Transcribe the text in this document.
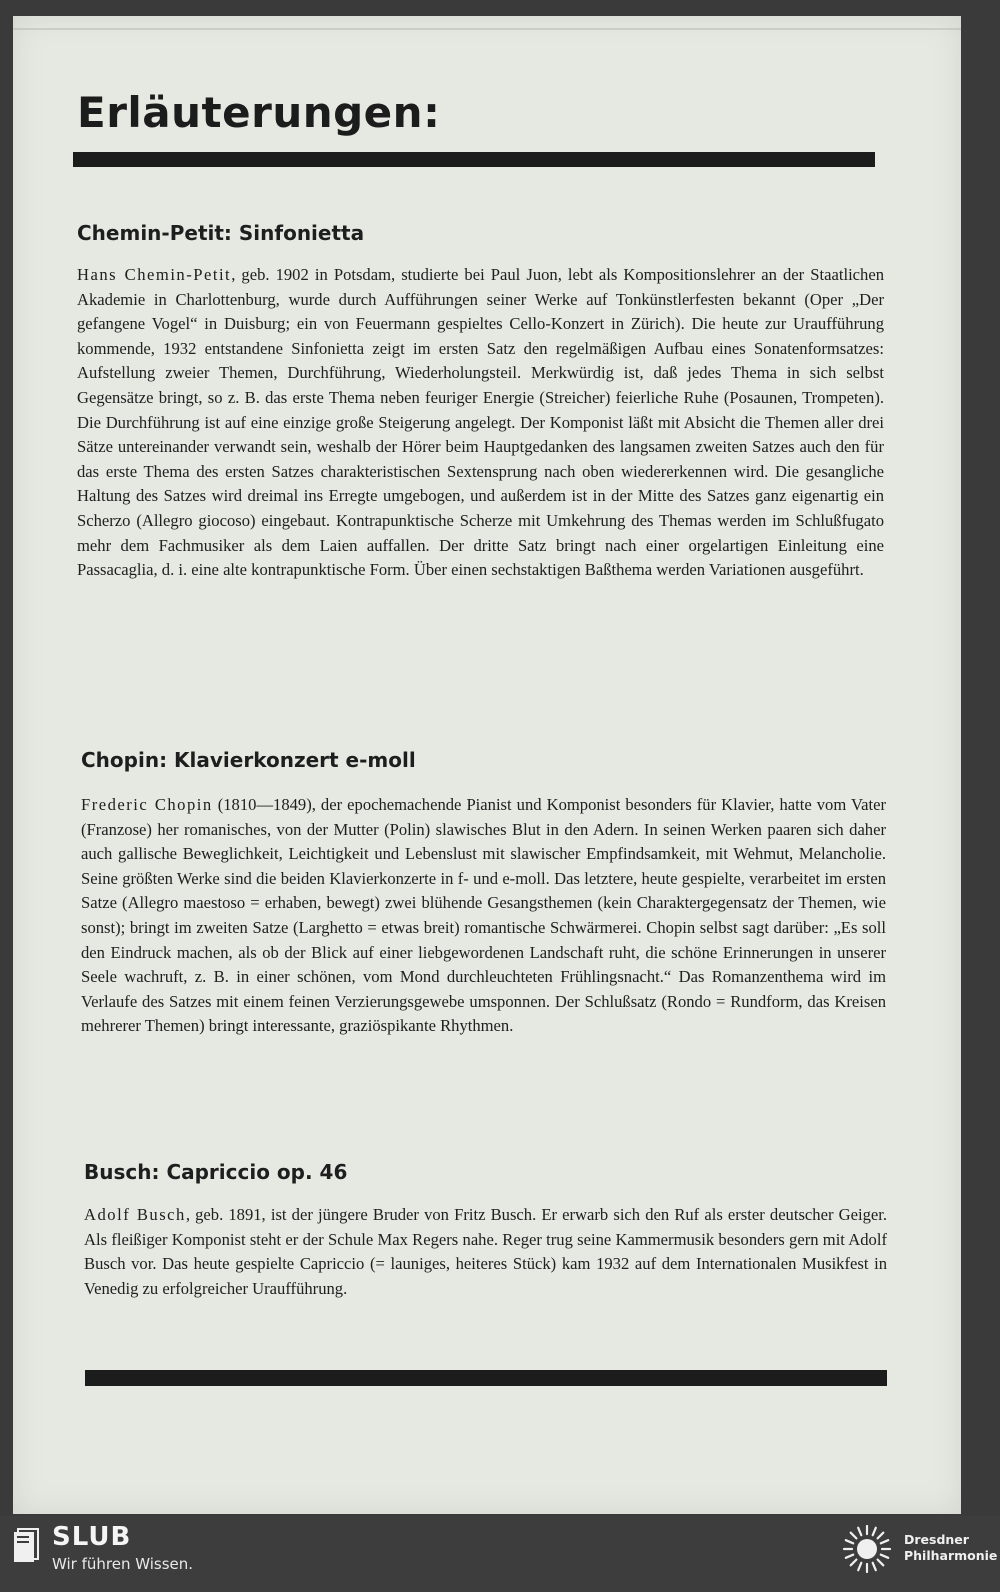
Erläuterungen:
Chemin-Petit: Sinfonietta

Hans Chemin-Petit, geb. 1902 in Potsdam, studierte bei Paul Juon, lebt als Kompositionslehrer an der Staatlichen Akademie in Charlottenburg, wurde durch Aufführungen seiner Werke auf Tonkünstlerfesten bekannt (Oper „Der gefangene Vogel“ in Duisburg; ein von Feuermann gespieltes Cello-Konzert in Zürich). Die heute zur Uraufführung kommende, 1932 entstandene Sinfonietta zeigt im ersten Satz den regelmäßigen Aufbau eines Sonatenformsatzes: Aufstellung zweier Themen, Durchführung, Wiederholungsteil. Merkwürdig ist, daß jedes Thema in sich selbst Gegensätze bringt, so z. B. das erste Thema neben feuriger Energie (Streicher) feierliche Ruhe (Posaunen, Trompeten). Die Durchführung ist auf eine einzige große Steigerung angelegt. Der Komponist läßt mit Absicht die Themen aller drei Sätze untereinander verwandt sein, weshalb der Hörer beim Hauptgedanken des langsamen zweiten Satzes auch den für das erste Thema des ersten Satzes charakteristischen Sextensprung nach oben wiedererkennen wird. Die gesangliche Haltung des Satzes wird dreimal ins Erregte umgebogen, und außerdem ist in der Mitte des Satzes ganz eigenartig ein Scherzo (Allegro giocoso) eingebaut. Kontrapunktische Scherze mit Umkehrung des Themas werden im Schlußfugato mehr dem Fachmusiker als dem Laien auffallen. Der dritte Satz bringt nach einer orgelartigen Einleitung eine Passacaglia, d. i. eine alte kontrapunktische Form. Über einen sechstaktigen Baßthema werden Variationen ausgeführt.

Chopin: Klavierkonzert e-moll

Frederic Chopin (1810—1849), der epochemachende Pianist und Komponist besonders für Klavier, hatte vom Vater (Franzose) her romanisches, von der Mutter (Polin) slawisches Blut in den Adern. In seinen Werken paaren sich daher auch gallische Beweglichkeit, Leichtigkeit und Lebenslust mit slawischer Empfindsamkeit, mit Wehmut, Melancholie. Seine größten Werke sind die beiden Klavierkonzerte in f- und e-moll. Das letztere, heute gespielte, verarbeitet im ersten Satze (Allegro maestoso = erhaben, bewegt) zwei blühende Gesangsthemen (kein Charaktergegensatz der Themen, wie sonst); bringt im zweiten Satze (Larghetto = etwas breit) romantische Schwärmerei. Chopin selbst sagt darüber: „Es soll den Eindruck machen, als ob der Blick auf einer liebgewordenen Landschaft ruht, die schöne Erinnerungen in unserer Seele wachruft, z. B. in einer schönen, vom Mond durchleuchteten Frühlingsnacht.“ Das Romanzenthema wird im Verlaufe des Satzes mit einem feinen Verzierungsgewebe umsponnen. Der Schlußsatz (Rondo = Rundform, das Kreisen mehrerer Themen) bringt interessante, graziöspikante Rhythmen.

Busch: Capriccio op. 46

Adolf Busch, geb. 1891, ist der jüngere Bruder von Fritz Busch. Er erwarb sich den Ruf als erster deutscher Geiger. Als fleißiger Komponist steht er der Schule Max Regers nahe. Reger trug seine Kammermusik besonders gern mit Adolf Busch vor. Das heute gespielte Capriccio (= launiges, heiteres Stück) kam 1932 auf dem Internationalen Musikfest in Venedig zu erfolgreicher Uraufführung.

SLUB
Wir führen Wissen.
Dresdner
Philharmonie
